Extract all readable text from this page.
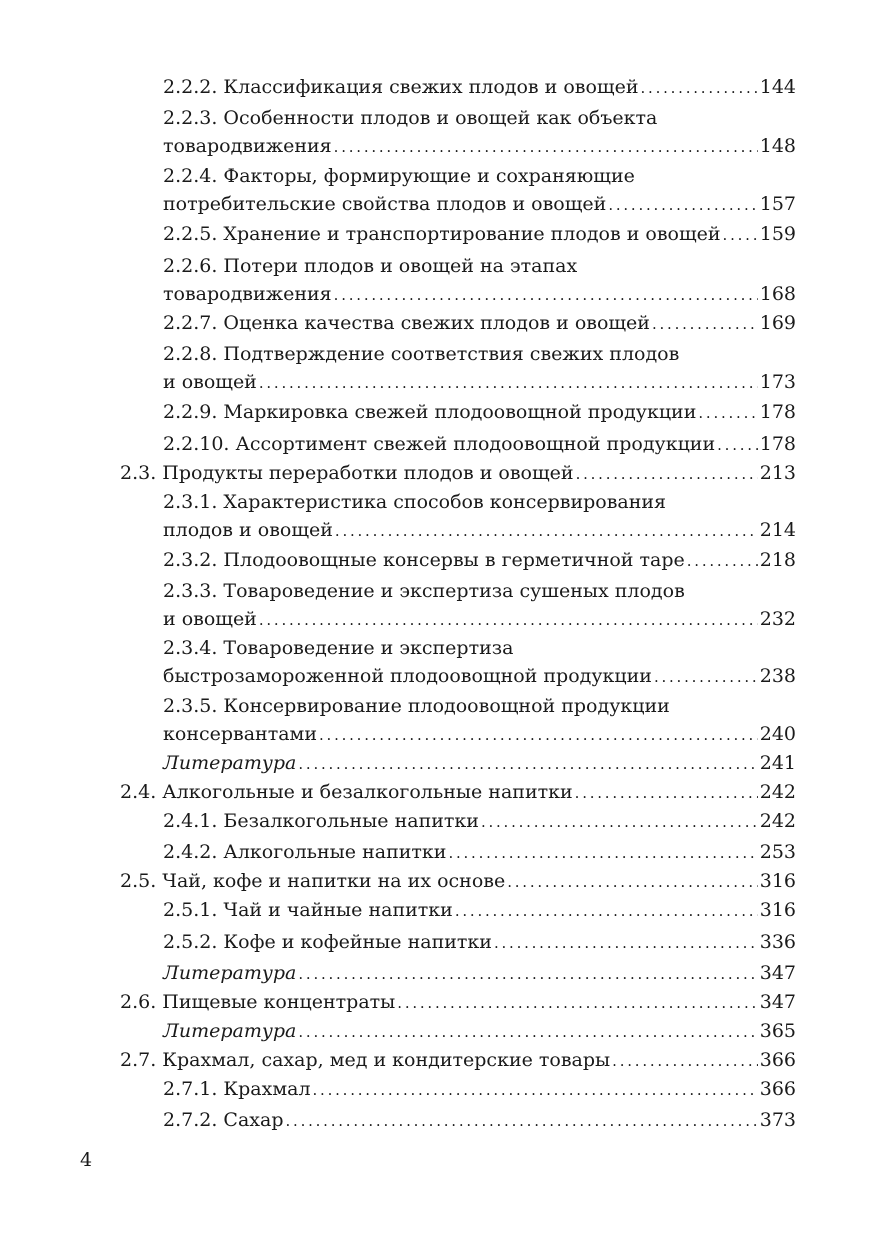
2.2.2. Классификация свежих плодов и овощей . . .	144
2.2.3. Особенности плодов и овощей как объекта
товародвижения . . .	148
2.2.4. Факторы, формирующие и сохраняющие
потребительские свойства плодов и овощей . . .	157
2.2.5. Хранение и транспортирование плодов и овощей . . . 159
2.2.6. Потери плодов и овощей на этапах
товародвижения . . .	168
2.2.7. Оценка качества свежих плодов и овощей . . .	169
2.2.8. Подтверждение соответствия свежих плодов
и овощей . . .	173
2.2.9. Маркировка свежей плодоовощной продукции . . .	178
2.2.10. Ассортимент свежей плодоовощной продукции . . . 178
2.3. Продукты переработки плодов и овощей . . .	213
2.3.1. Характеристика способов консервирования
плодов и овощей . . .	214
2.3.2. Плодоовощные консервы в герметичной таре . . .	218
2.3.3. Товароведение и экспертиза сушеных плодов
и овощей . . .	232
2.3.4. Товароведение и экспертиза
быстрозамороженной плодоовощной продукции . . .	238
2.3.5. Консервирование плодоовощной продукции
консервантами . . .	240
Литература . . .	241
2.4. Алкогольные и безалкогольные напитки . . .	242
2.4.1. Безалкогольные напитки . . .	242
2.4.2. Алкогольные напитки . . .	253
2.5. Чай, кофе и напитки на их основе . . .	316
2.5.1. Чай и чайные напитки . . .	316
2.5.2. Кофе и кофейные напитки . . .	336
Литература . . .	347
2.6. Пищевые концентраты . . .	347
Литература . . .	365
2.7. Крахмал, сахар, мед и кондитерские товары . . .	366
2.7.1. Крахмал . . .	366
2.7.2. Сахар . . .	373
4
